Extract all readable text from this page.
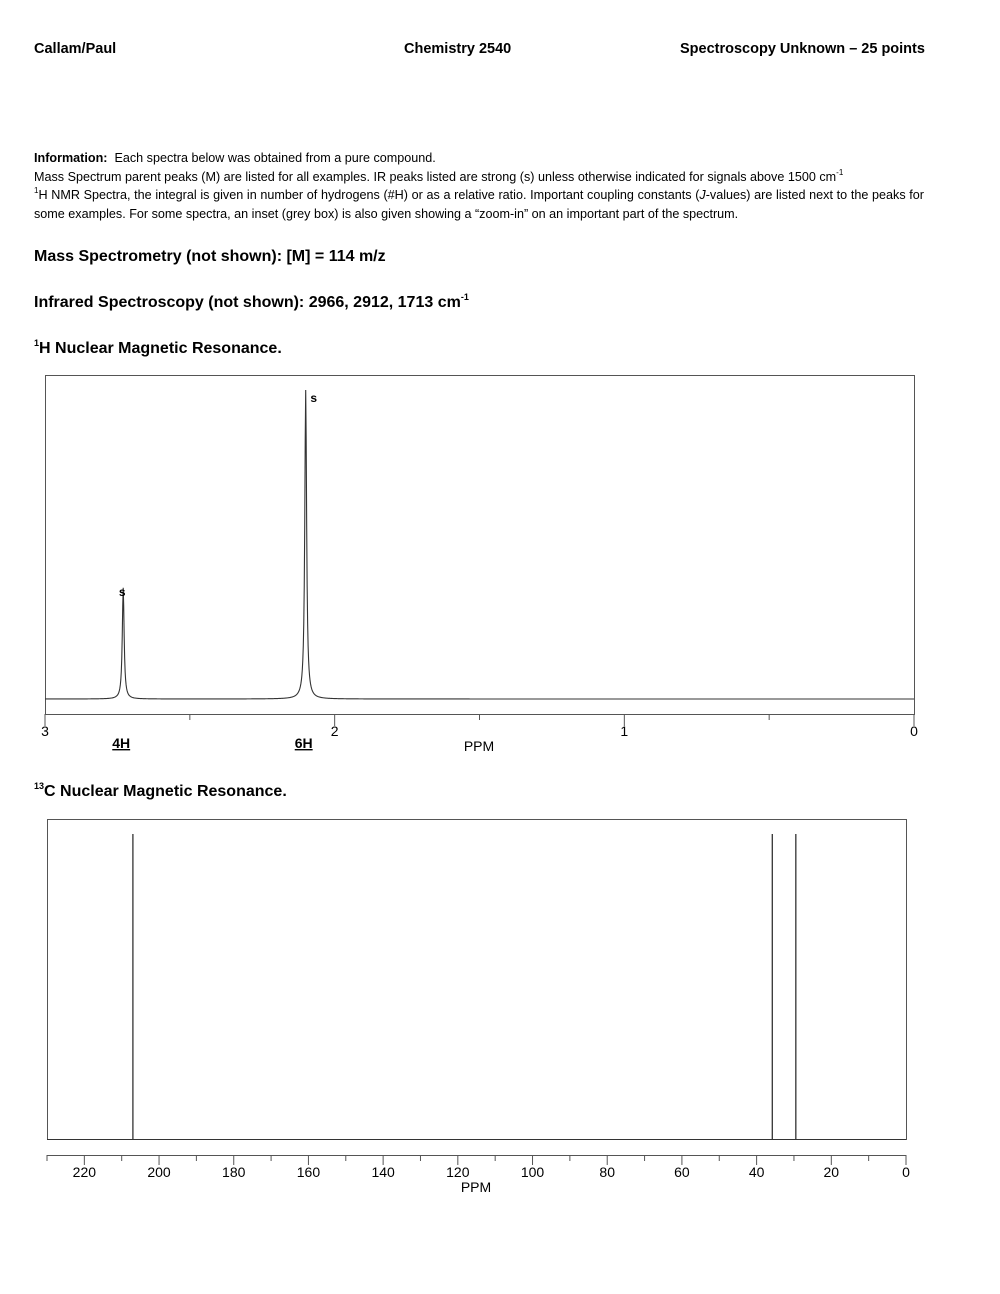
Callam/Paul	Chemistry 2540	Spectroscopy Unknown – 25 points
Information: Each spectra below was obtained from a pure compound.
Mass Spectrum parent peaks (M) are listed for all examples. IR peaks listed are strong (s) unless otherwise indicated for signals above 1500 $cm^{-1}$

$^1$H NMR Spectra, the integral is given in number of hydrogens (#H) or as a relative ratio. Important coupling constants (J-values) are listed next to the peaks for some examples. For some spectra, an inset (grey box) is also given showing a “zoom-in” on an important part of the spectrum.

Mass Spectrometry (not shown): [M] = 114 m/z
Infrared Spectroscopy (not shown): 2966, 2912, 1713 $cm^{-1}$
$^1$H Nuclear Magnetic Resonance.
3	2	1	0
PPM
s
4H
s
6H
$^{13}$C Nuclear Magnetic Resonance.
220	200	180	160	140	120	100	80	60	40	20	0
PPM
